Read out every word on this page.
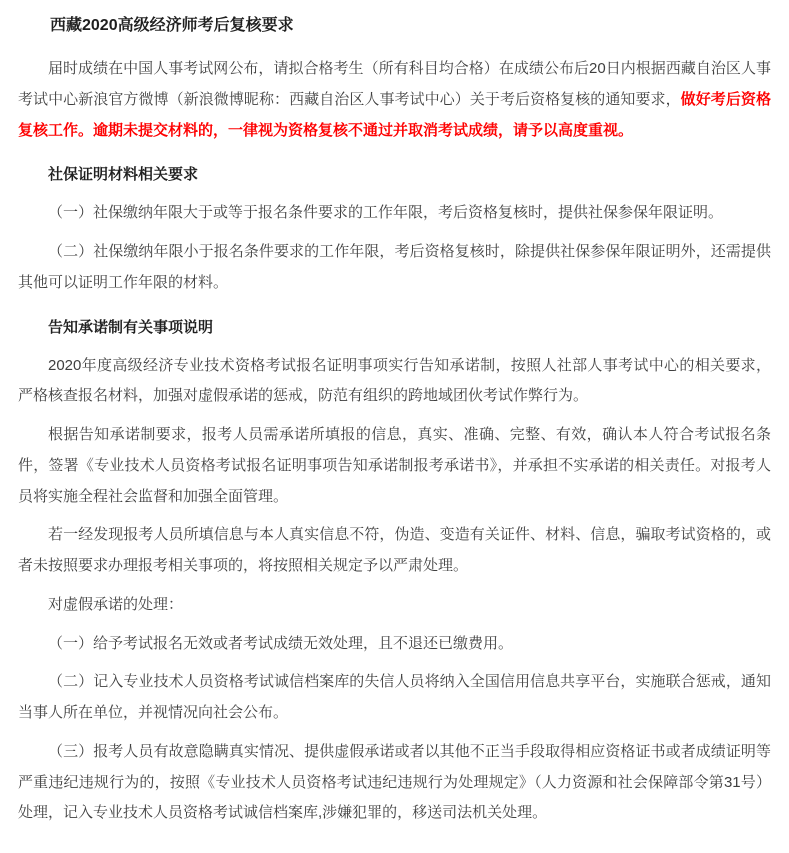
西藏2020高级经济师考后复核要求

届时成绩在中国人事考试网公布，请拟合格考生（所有科目均合格）在成绩公布后20日内根据西藏自治区人事考试中心新浪官方微博（新浪微博昵称：西藏自治区人事考试中心）关于考后资格复核的通知要求，做好考后资格复核工作。逾期未提交材料的，一律视为资格复核不通过并取消考试成绩，请予以高度重视。

社保证明材料相关要求

（一）社保缴纳年限大于或等于报名条件要求的工作年限，考后资格复核时，提供社保参保年限证明。

（二）社保缴纳年限小于报名条件要求的工作年限，考后资格复核时，除提供社保参保年限证明外，还需提供其他可以证明工作年限的材料。

告知承诺制有关事项说明

2020年度高级经济专业技术资格考试报名证明事项实行告知承诺制，按照人社部人事考试中心的相关要求，严格核查报名材料，加强对虚假承诺的惩戒，防范有组织的跨地域团伙考试作弊行为。

根据告知承诺制要求，报考人员需承诺所填报的信息，真实、准确、完整、有效，确认本人符合考试报名条件，签署《专业技术人员资格考试报名证明事项告知承诺制报考承诺书》，并承担不实承诺的相关责任。对报考人员将实施全程社会监督和加强全面管理。

若一经发现报考人员所填信息与本人真实信息不符，伪造、变造有关证件、材料、信息，骗取考试资格的，或者未按照要求办理报考相关事项的，将按照相关规定予以严肃处理。

对虚假承诺的处理：

（一）给予考试报名无效或者考试成绩无效处理，且不退还已缴费用。

（二）记入专业技术人员资格考试诚信档案库的失信人员将纳入全国信用信息共享平台，实施联合惩戒，通知当事人所在单位，并视情况向社会公布。

（三）报考人员有故意隐瞒真实情况、提供虚假承诺或者以其他不正当手段取得相应资格证书或者成绩证明等严重违纪违规行为的，按照《专业技术人员资格考试违纪违规行为处理规定》（人力资源和社会保障部令第31号）处理，记入专业技术人员资格考试诚信档案库,涉嫌犯罪的，移送司法机关处理。
